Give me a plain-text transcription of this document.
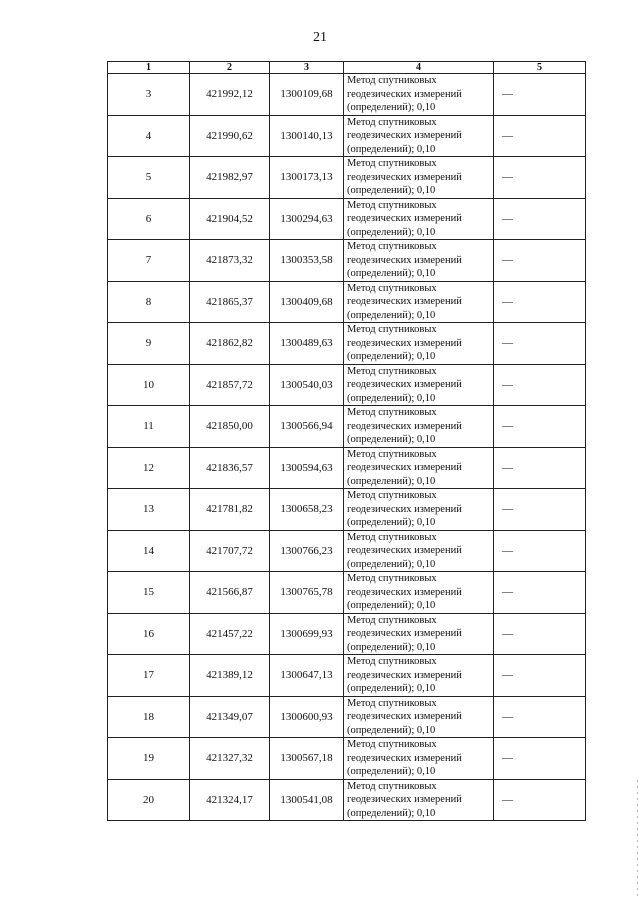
21
1	2	3	4	5
3	421992,12	1300109,68	Метод спутниковых
геодезических измерений
(определений); 0,10	—
4	421990,62	1300140,13	Метод спутниковых
геодезических измерений
(определений); 0,10	—
5	421982,97	1300173,13	Метод спутниковых
геодезических измерений
(определений); 0,10	—
6	421904,52	1300294,63	Метод спутниковых
геодезических измерений
(определений); 0,10	—
7	421873,32	1300353,58	Метод спутниковых
геодезических измерений
(определений); 0,10	—
8	421865,37	1300409,68	Метод спутниковых
геодезических измерений
(определений); 0,10	—
9	421862,82	1300489,63	Метод спутниковых
геодезических измерений
(определений); 0,10	—
10	421857,72	1300540,03	Метод спутниковых
геодезических измерений
(определений); 0,10	—
11	421850,00	1300566,94	Метод спутниковых
геодезических измерений
(определений); 0,10	—
12	421836,57	1300594,63	Метод спутниковых
геодезических измерений
(определений); 0,10	—
13	421781,82	1300658,23	Метод спутниковых
геодезических измерений
(определений); 0,10	—
14	421707,72	1300766,23	Метод спутниковых
геодезических измерений
(определений); 0,10	—
15	421566,87	1300765,78	Метод спутниковых
геодезических измерений
(определений); 0,10	—
16	421457,22	1300699,93	Метод спутниковых
геодезических измерений
(определений); 0,10	—
17	421389,12	1300647,13	Метод спутниковых
геодезических измерений
(определений); 0,10	—
18	421349,07	1300600,93	Метод спутниковых
геодезических измерений
(определений); 0,10	—
19	421327,32	1300567,18	Метод спутниковых
геодезических измерений
(определений); 0,10	—
20	421324,17	1300541,08	Метод спутниковых
геодезических измерений
(определений); 0,10	—
